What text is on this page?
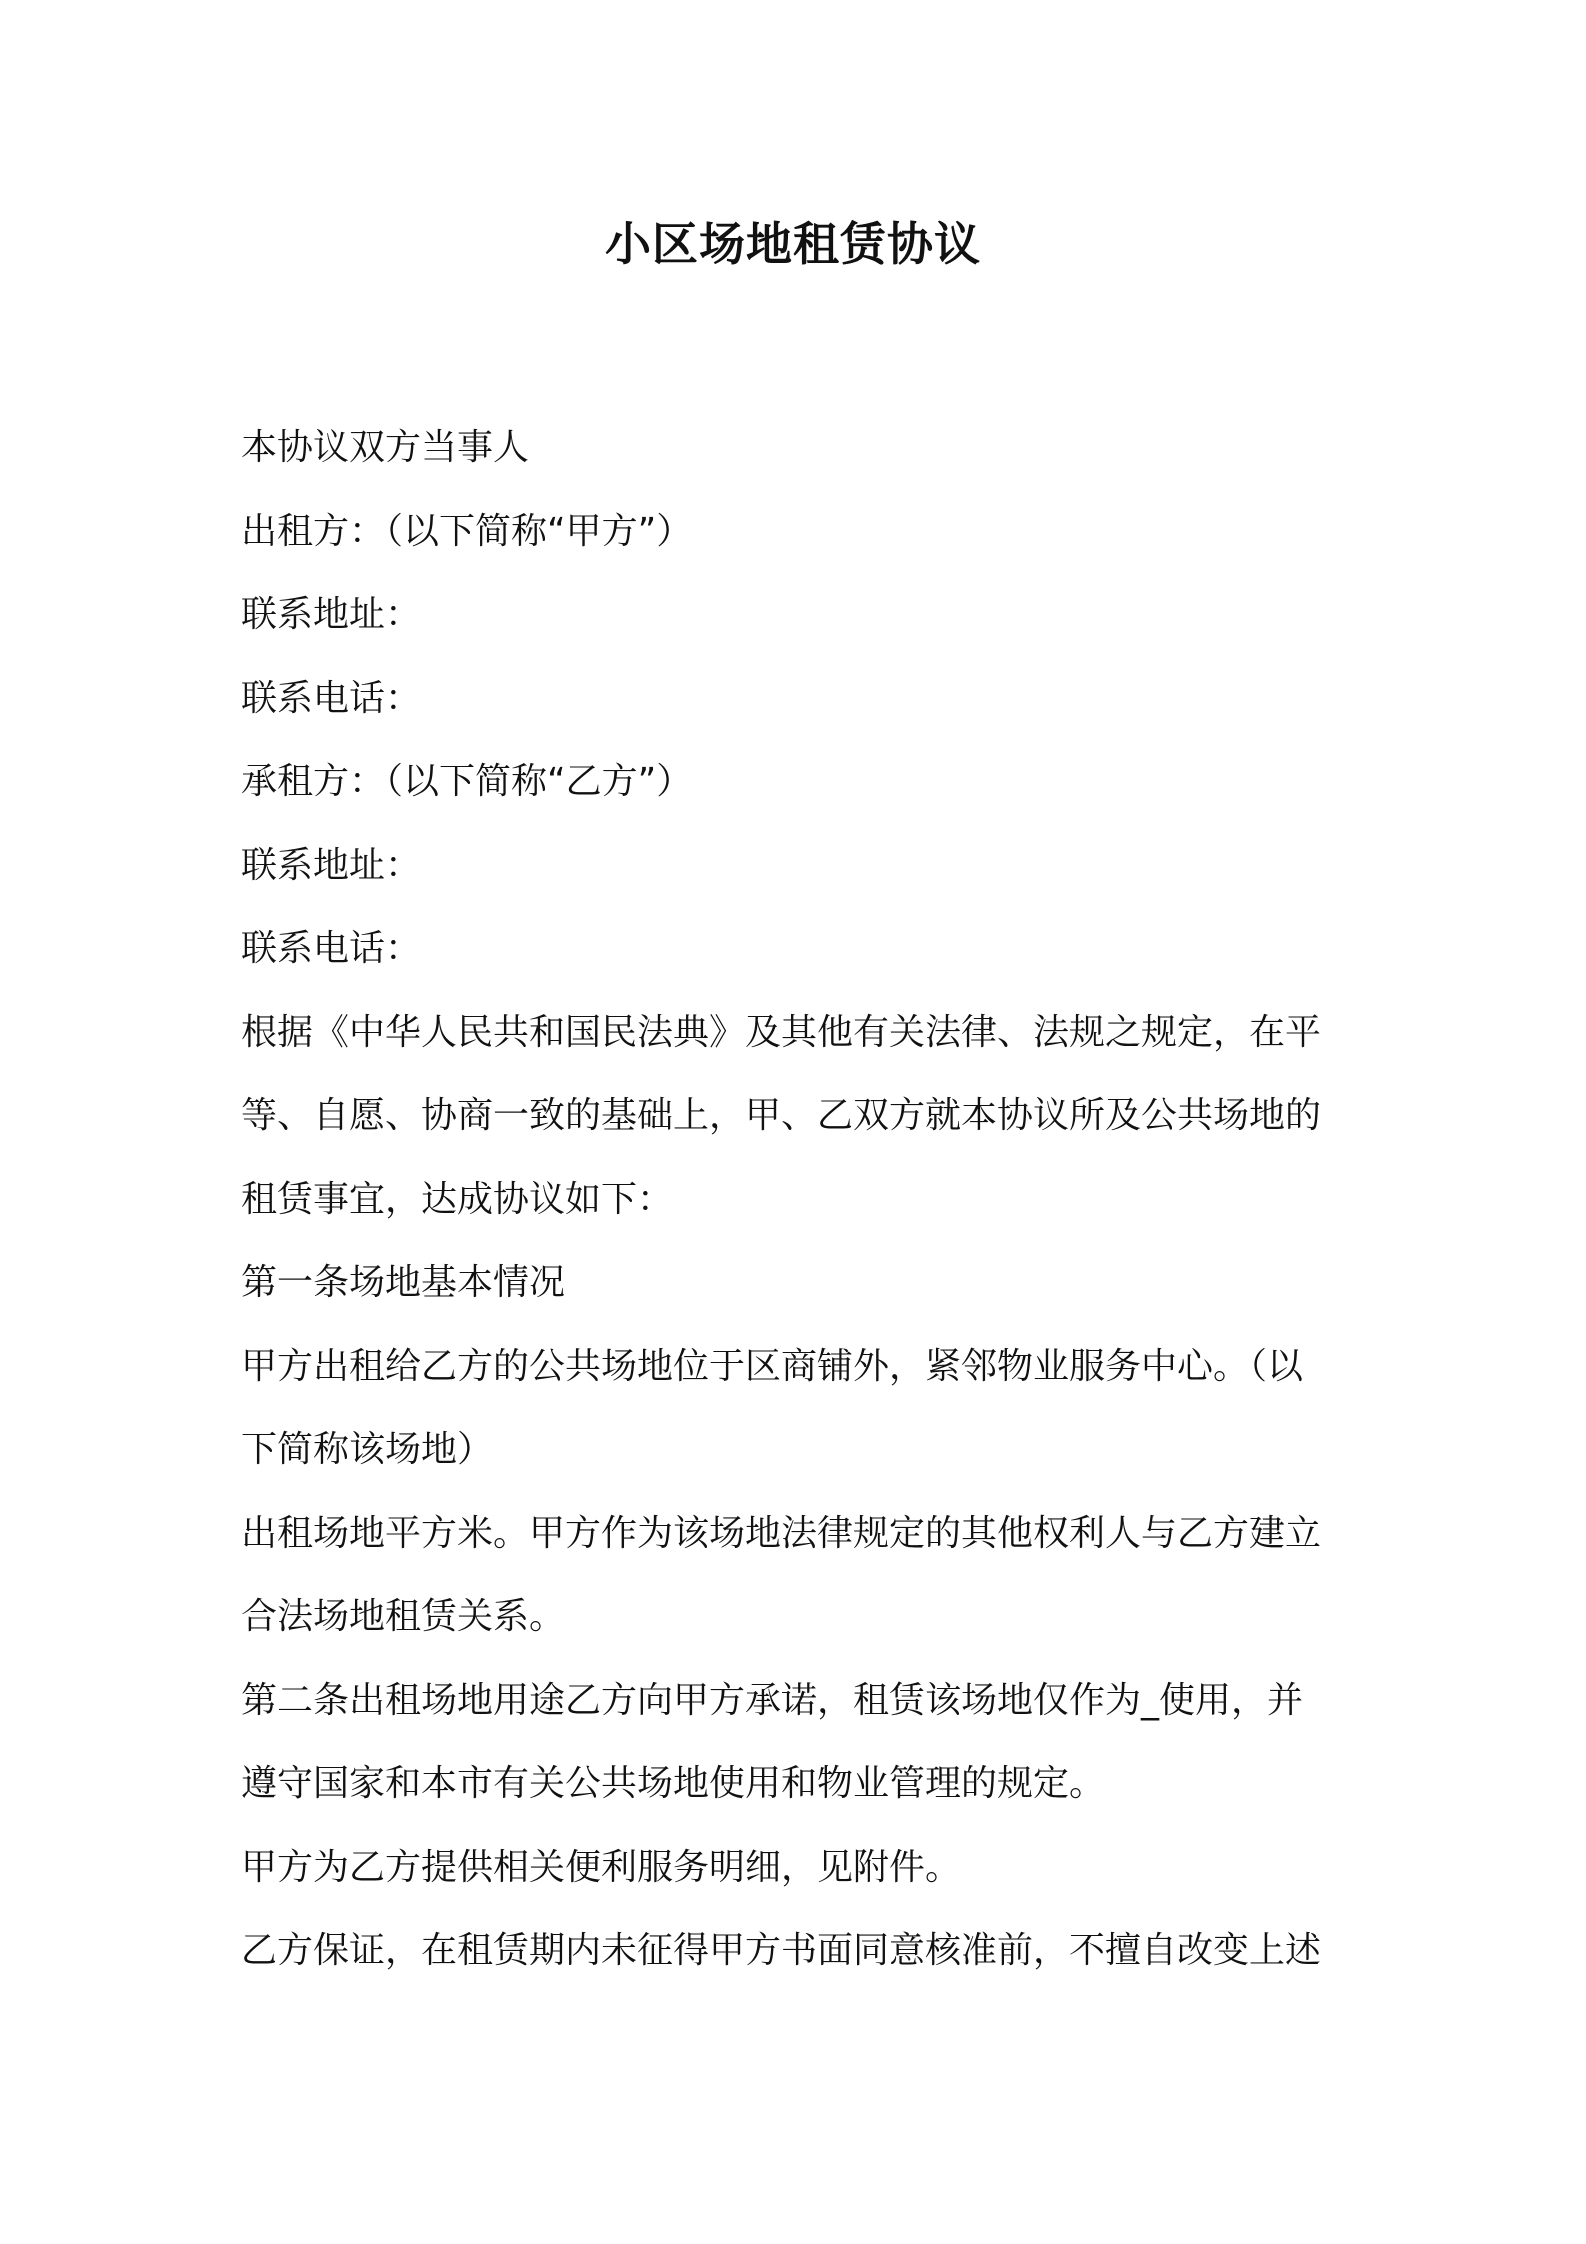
小区场地租赁协议
本协议双方当事人
出租方：（以下简称“甲方”）
联系地址：
联系电话：
承租方：（以下简称“乙方”）
联系地址：
联系电话：
根据《中华人民共和国民法典》及其他有关法律、法规之规定，在平
等、自愿、协商一致的基础上，甲、乙双方就本协议所及公共场地的
租赁事宜，达成协议如下：
第一条场地基本情况
甲方出租给乙方的公共场地位于区商铺外，紧邻物业服务中心。（以
下简称该场地）
出租场地平方米。甲方作为该场地法律规定的其他权利人与乙方建立
合法场地租赁关系。
第二条出租场地用途乙方向甲方承诺，租赁该场地仅作为_使用，并
遵守国家和本市有关公共场地使用和物业管理的规定。
甲方为乙方提供相关便利服务明细，见附件。
乙方保证，在租赁期内未征得甲方书面同意核准前，不擅自改变上述
